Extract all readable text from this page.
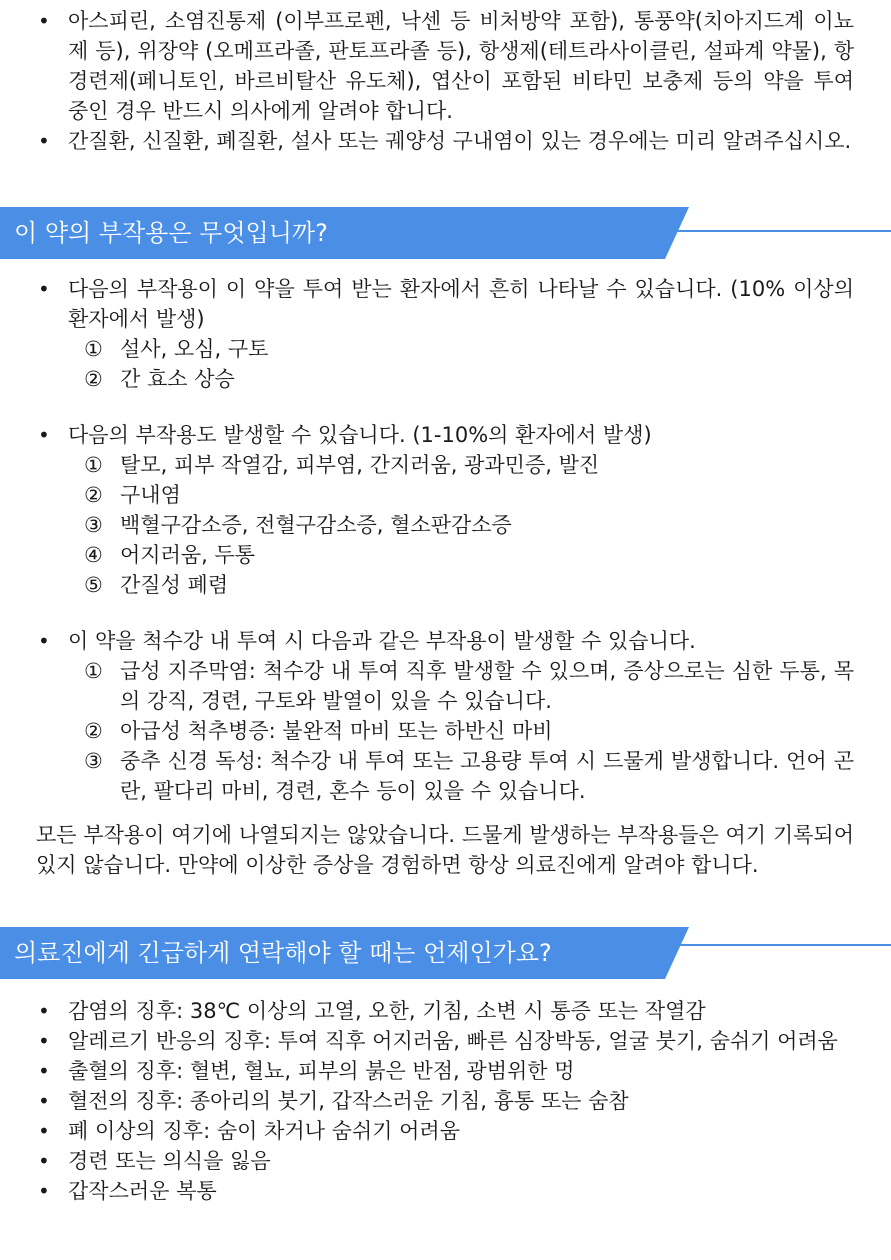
• 아스피린, 소염진통제 (이부프로펜, 낙센 등 비처방약 포함), 통풍약(치아지드계 이뇨제 등), 위장약 (오메프라졸, 판토프라졸 등), 항생제(테트라사이클린, 설파계 약물), 항경련제(페니토인, 바르비탈산 유도체), 엽산이 포함된 비타민 보충제 등의 약을 투여 중인 경우 반드시 의사에게 알려야 합니다.
• 간질환, 신질환, 폐질환, 설사 또는 궤양성 구내염이 있는 경우에는 미리 알려주십시오.
이 약의 부작용은 무엇입니까?
• 다음의 부작용이 이 약을 투여 받는 환자에서 흔히 나타날 수 있습니다. (10% 이상의 환자에서 발생)
① 설사, 오심, 구토
② 간 효소 상승
• 다음의 부작용도 발생할 수 있습니다. (1-10%의 환자에서 발생)
① 탈모, 피부 작열감, 피부염, 간지러움, 광과민증, 발진
② 구내염
③ 백혈구감소증, 전혈구감소증, 혈소판감소증
④ 어지러움, 두통
⑤ 간질성 폐렴
• 이 약을 척수강 내 투여 시 다음과 같은 부작용이 발생할 수 있습니다.
① 급성 지주막염: 척수강 내 투여 직후 발생할 수 있으며, 증상으로는 심한 두통, 목의 강직, 경련, 구토와 발열이 있을 수 있습니다.
② 아급성 척추병증: 불완적 마비 또는 하반신 마비
③ 중추 신경 독성: 척수강 내 투여 또는 고용량 투여 시 드물게 발생합니다. 언어 곤란, 팔다리 마비, 경련, 혼수 등이 있을 수 있습니다.

모든 부작용이 여기에 나열되지는 않았습니다. 드물게 발생하는 부작용들은 여기 기록되어 있지 않습니다. 만약에 이상한 증상을 경험하면 항상 의료진에게 알려야 합니다.

의료진에게 긴급하게 연락해야 할 때는 언제인가요?
• 감염의 징후: 38℃ 이상의 고열, 오한, 기침, 소변 시 통증 또는 작열감
• 알레르기 반응의 징후: 투여 직후 어지러움, 빠른 심장박동, 얼굴 붓기, 숨쉬기 어려움
• 출혈의 징후: 혈변, 혈뇨, 피부의 붉은 반점, 광범위한 멍
• 혈전의 징후: 종아리의 붓기, 갑작스러운 기침, 흉통 또는 숨참
• 폐 이상의 징후: 숨이 차거나 숨쉬기 어려움
• 경련 또는 의식을 잃음
• 갑작스러운 복통
